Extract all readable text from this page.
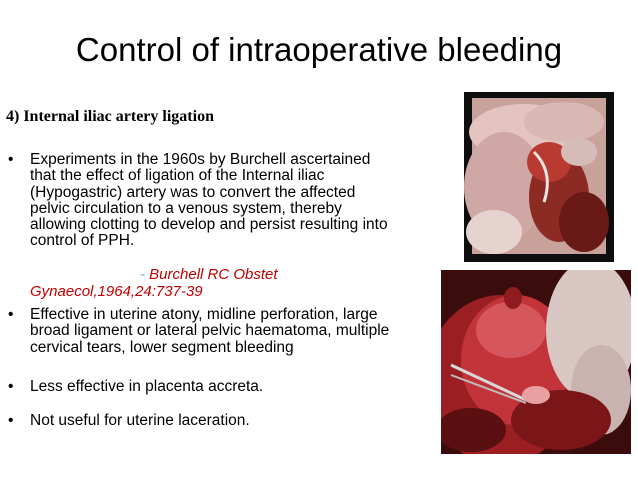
Control of intraoperative bleeding
4) Internal iliac artery ligation
• Experiments in the 1960s by Burchell ascertained
that the effect of ligation of the Internal iliac
(Hypogastric) artery was to convert the affected
pelvic circulation to a venous system, thereby
allowing clotting to develop and persist resulting into
control of PPH.
- Burchell RC Obstet
Gynaecol,1964,24:737-39
• Effective in uterine atony, midline perforation, large
broad ligament or lateral pelvic haematoma, multiple
cervical tears, lower segment bleeding
• Less effective in placenta accreta.
• Not useful for uterine laceration.
